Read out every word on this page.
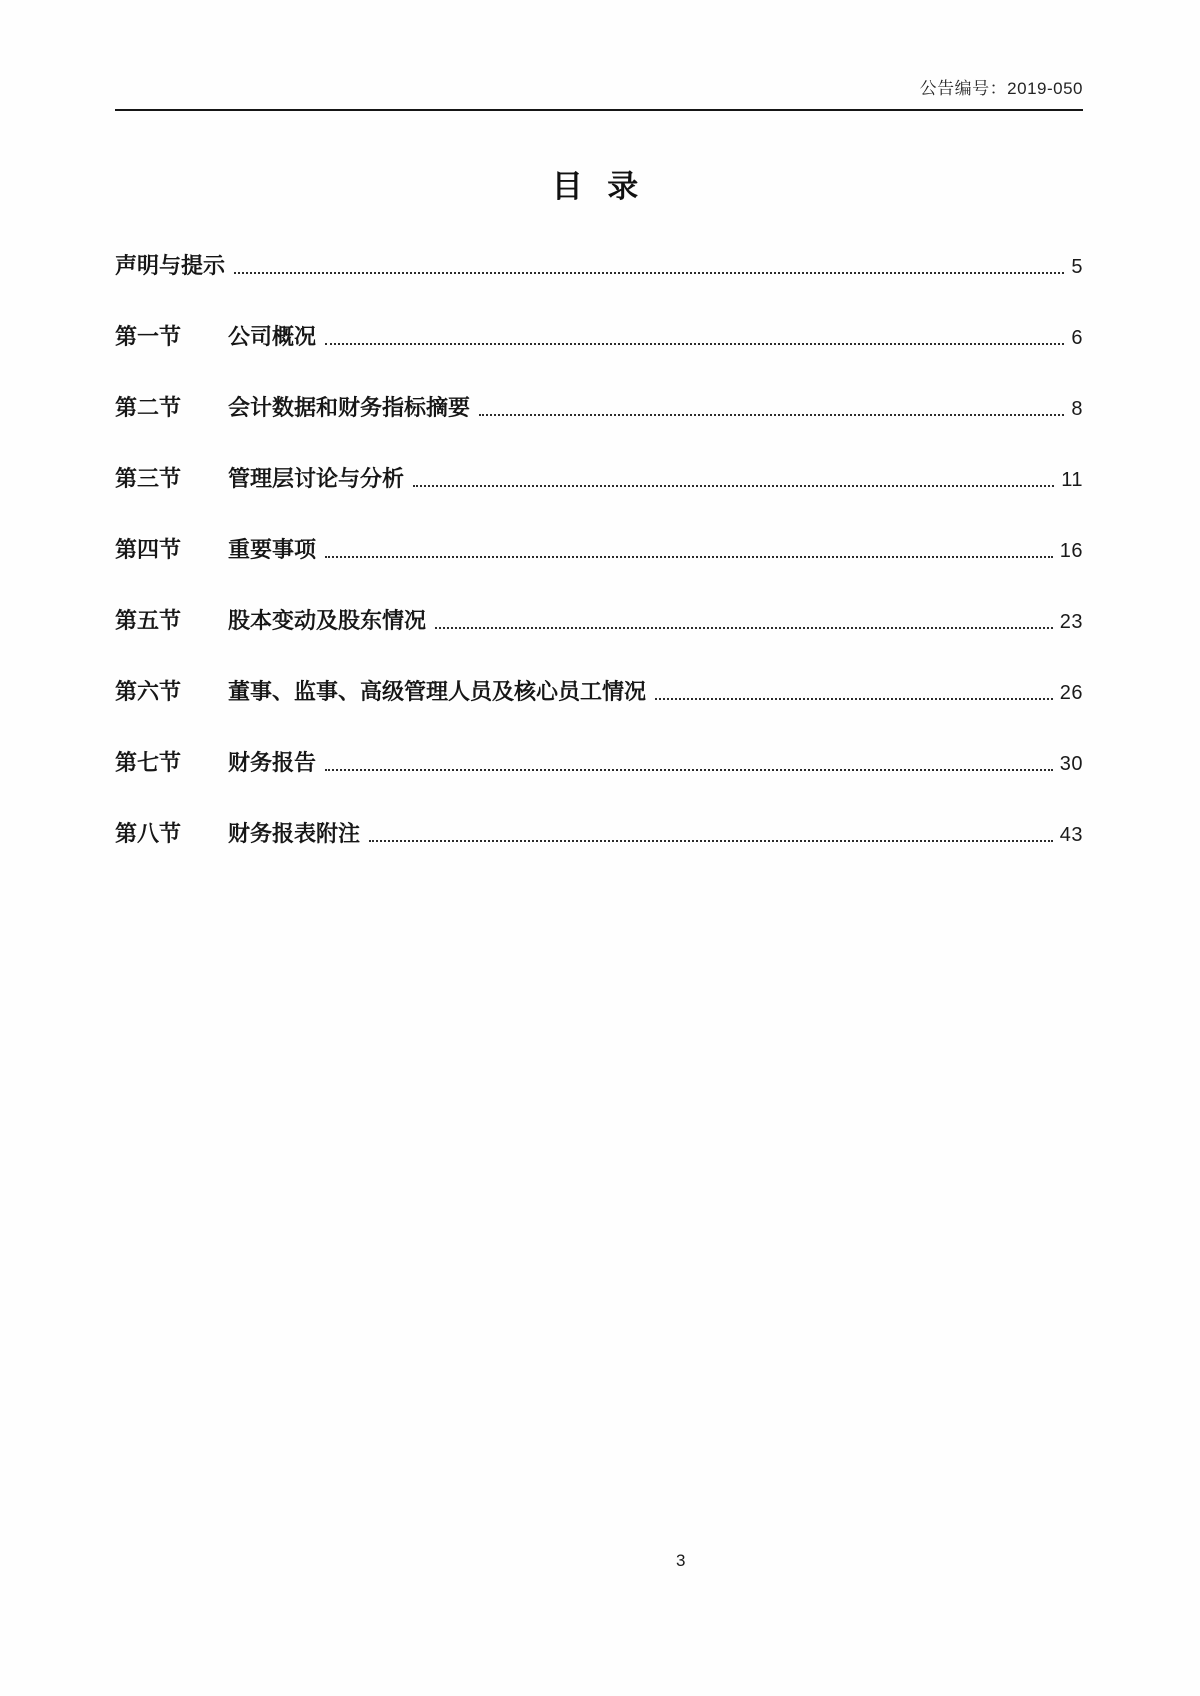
公告编号：2019-050
目 录
声明与提示	5
第一节 公司概况	6
第二节 会计数据和财务指标摘要	8
第三节 管理层讨论与分析	11
第四节 重要事项	16
第五节 股本变动及股东情况	23
第六节 董事、监事、高级管理人员及核心员工情况	26
第七节 财务报告	30
第八节 财务报表附注	43
3
